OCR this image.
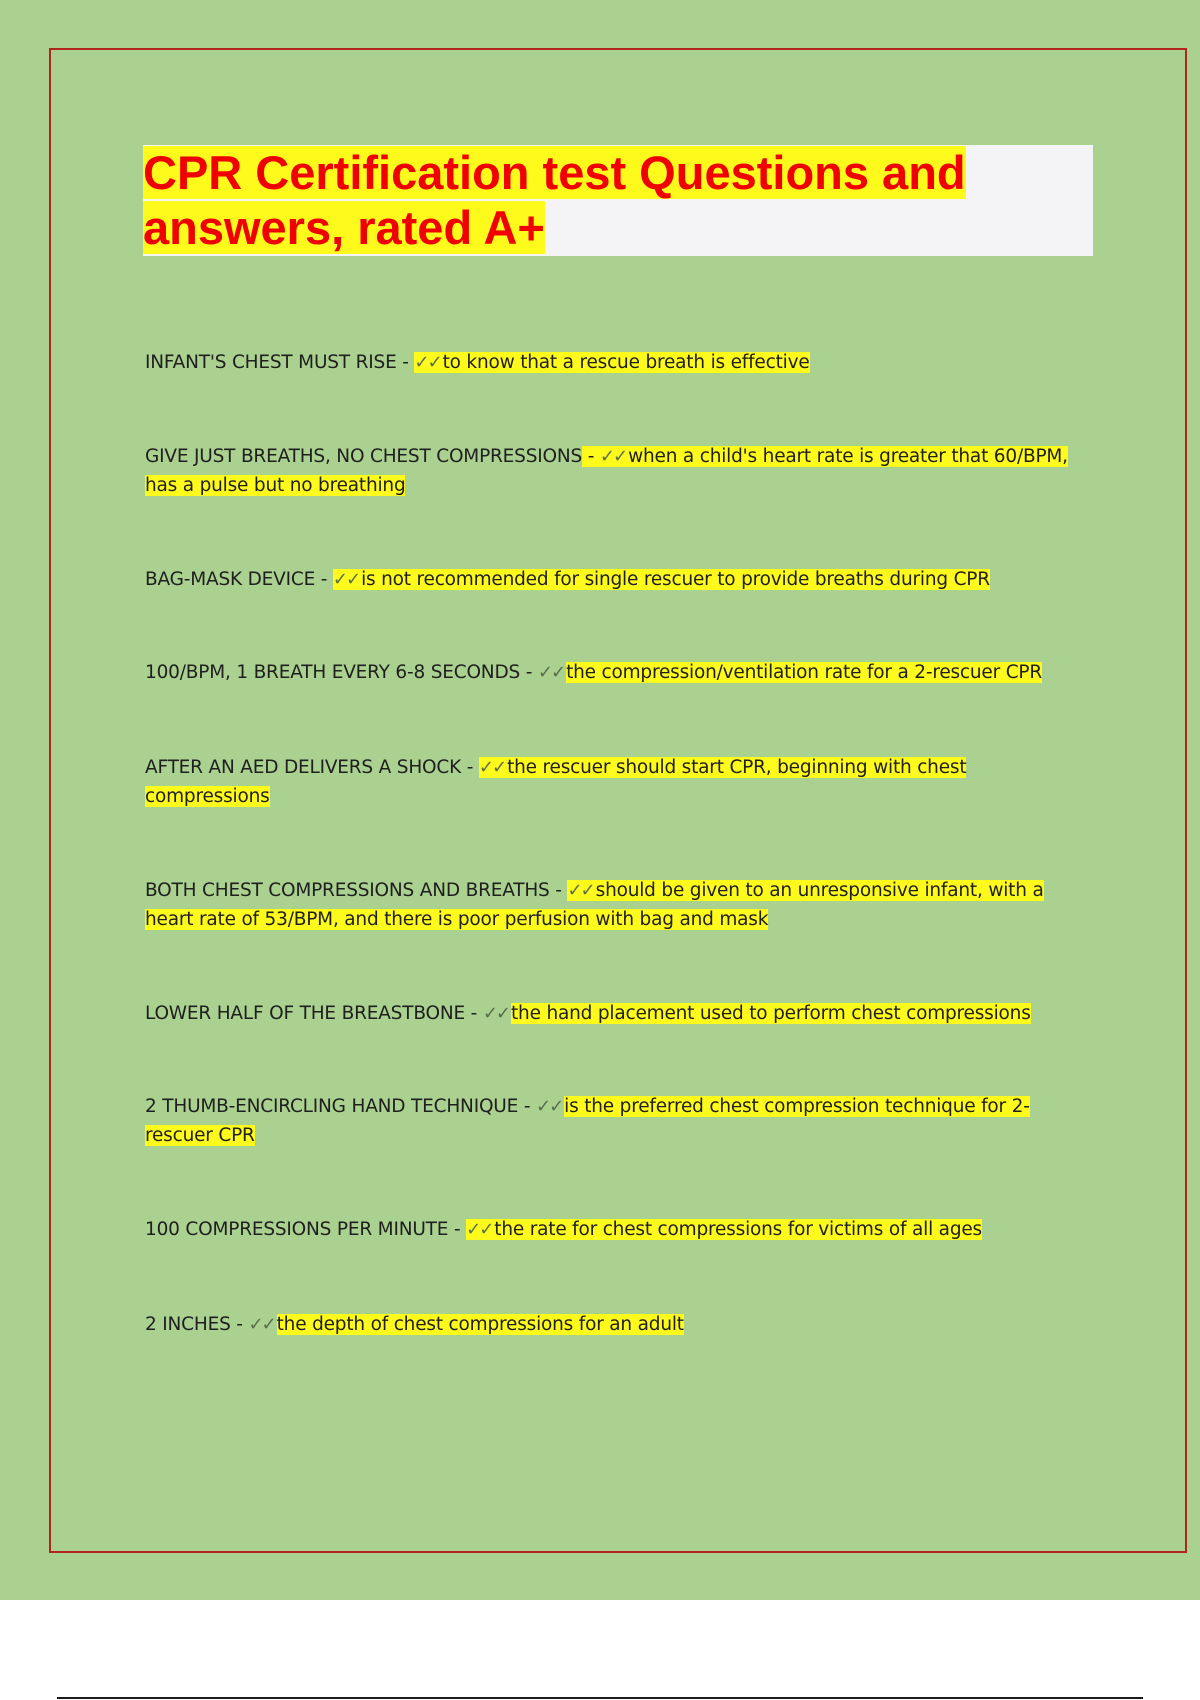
CPR Certification test Questions and
answers, rated A+
INFANT'S CHEST MUST RISE - ✓✓ to know that a rescue breath is effective
GIVE JUST BREATHS, NO CHEST COMPRESSIONS - ✓✓ when a child's heart rate is greater that 60/BPM,
has a pulse but no breathing
BAG-MASK DEVICE - ✓✓ is not recommended for single rescuer to provide breaths during CPR
100/BPM, 1 BREATH EVERY 6-8 SECONDS - ✓✓ the compression/ventilation rate for a 2-rescuer CPR
AFTER AN AED DELIVERS A SHOCK - ✓✓ the rescuer should start CPR, beginning with chest
compressions
BOTH CHEST COMPRESSIONS AND BREATHS - ✓✓ should be given to an unresponsive infant, with a
heart rate of 53/BPM, and there is poor perfusion with bag and mask
LOWER HALF OF THE BREASTBONE - ✓✓ the hand placement used to perform chest compressions
2 THUMB-ENCIRCLING HAND TECHNIQUE - ✓✓ is the preferred chest compression technique for 2-
rescuer CPR
100 COMPRESSIONS PER MINUTE - ✓✓ the rate for chest compressions for victims of all ages
2 INCHES - ✓✓ the depth of chest compressions for an adult
